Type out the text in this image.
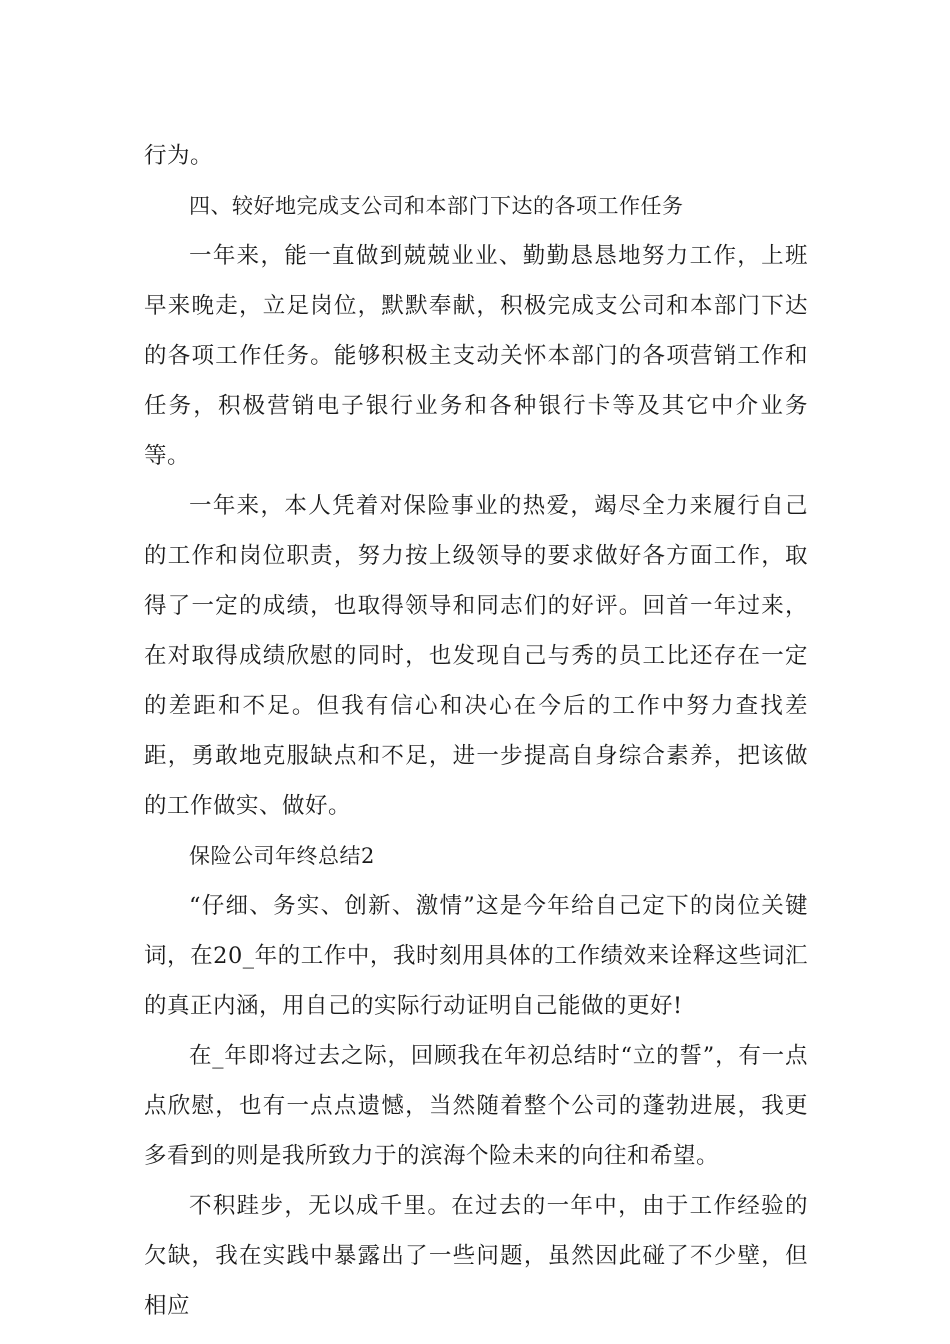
行为。

四、较好地完成支公司和本部门下达的各项工作任务

一年来，能一直做到兢兢业业、勤勤恳恳地努力工作，上班早来晚走，立足岗位，默默奉献，积极完成支公司和本部门下达的各项工作任务。能够积极主支动关怀本部门的各项营销工作和任务，积极营销电子银行业务和各种银行卡等及其它中介业务等。

一年来，本人凭着对保险事业的热爱，竭尽全力来履行自己的工作和岗位职责，努力按上级领导的要求做好各方面工作，取得了一定的成绩，也取得领导和同志们的好评。回首一年过来，在对取得成绩欣慰的同时，也发现自己与秀的员工比还存在一定的差距和不足。但我有信心和决心在今后的工作中努力查找差距，勇敢地克服缺点和不足，进一步提高自身综合素养，把该做的工作做实、做好。

保险公司年终总结2

“仔细、务实、创新、激情”这是今年给自己定下的岗位关键词，在20_年的工作中，我时刻用具体的工作绩效来诠释这些词汇的真正内涵，用自己的实际行动证明自己能做的更好!

在_年即将过去之际，回顾我在年初总结时“立的誓”，有一点点欣慰，也有一点点遗憾，当然随着整个公司的蓬勃进展，我更多看到的则是我所致力于的滨海个险未来的向往和希望。

不积跬步，无以成千里。在过去的一年中，由于工作经验的欠缺，我在实践中暴露出了一些问题，虽然因此碰了不少壁，但相应
